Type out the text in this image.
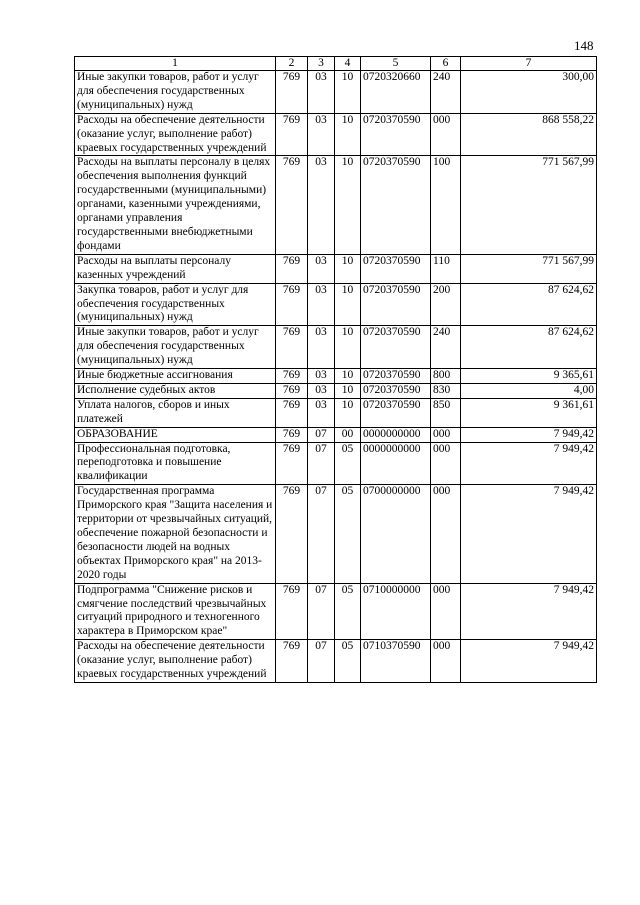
148
1	2	3	4	5	6	7
Иные закупки товаров, работ и услуг для обеспечения государственных (муниципальных) нужд	769	03	10	0720320660	240	300,00
Расходы на обеспечение деятельности (оказание услуг, выполнение работ) краевых государственных учреждений	769	03	10	0720370590	000	868 558,22
Расходы на выплаты персоналу в целях обеспечения выполнения функций государственными (муниципальными) органами, казенными учреждениями, органами управления государственными внебюджетными фондами	769	03	10	0720370590	100	771 567,99
Расходы на выплаты персоналу казенных учреждений	769	03	10	0720370590	110	771 567,99
Закупка товаров, работ и услуг для обеспечения государственных (муниципальных) нужд	769	03	10	0720370590	200	87 624,62
Иные закупки товаров, работ и услуг для обеспечения государственных (муниципальных) нужд	769	03	10	0720370590	240	87 624,62
Иные бюджетные ассигнования	769	03	10	0720370590	800	9 365,61
Исполнение судебных актов	769	03	10	0720370590	830	4,00
Уплата налогов, сборов и иных платежей	769	03	10	0720370590	850	9 361,61
ОБРАЗОВАНИЕ	769	07	00	0000000000	000	7 949,42
Профессиональная подготовка, переподготовка и повышение квалификации	769	07	05	0000000000	000	7 949,42
Государственная программа Приморского края "Защита населения и территории от чрезвычайных ситуаций, обеспечение пожарной безопасности и безопасности людей на водных объектах Приморского края" на 2013-2020 годы	769	07	05	0700000000	000	7 949,42
Подпрограмма "Снижение рисков и смягчение последствий чрезвычайных ситуаций природного и техногенного характера в Приморском крае"	769	07	05	0710000000	000	7 949,42
Расходы на обеспечение деятельности (оказание услуг, выполнение работ) краевых государственных учреждений	769	07	05	0710370590	000	7 949,42
